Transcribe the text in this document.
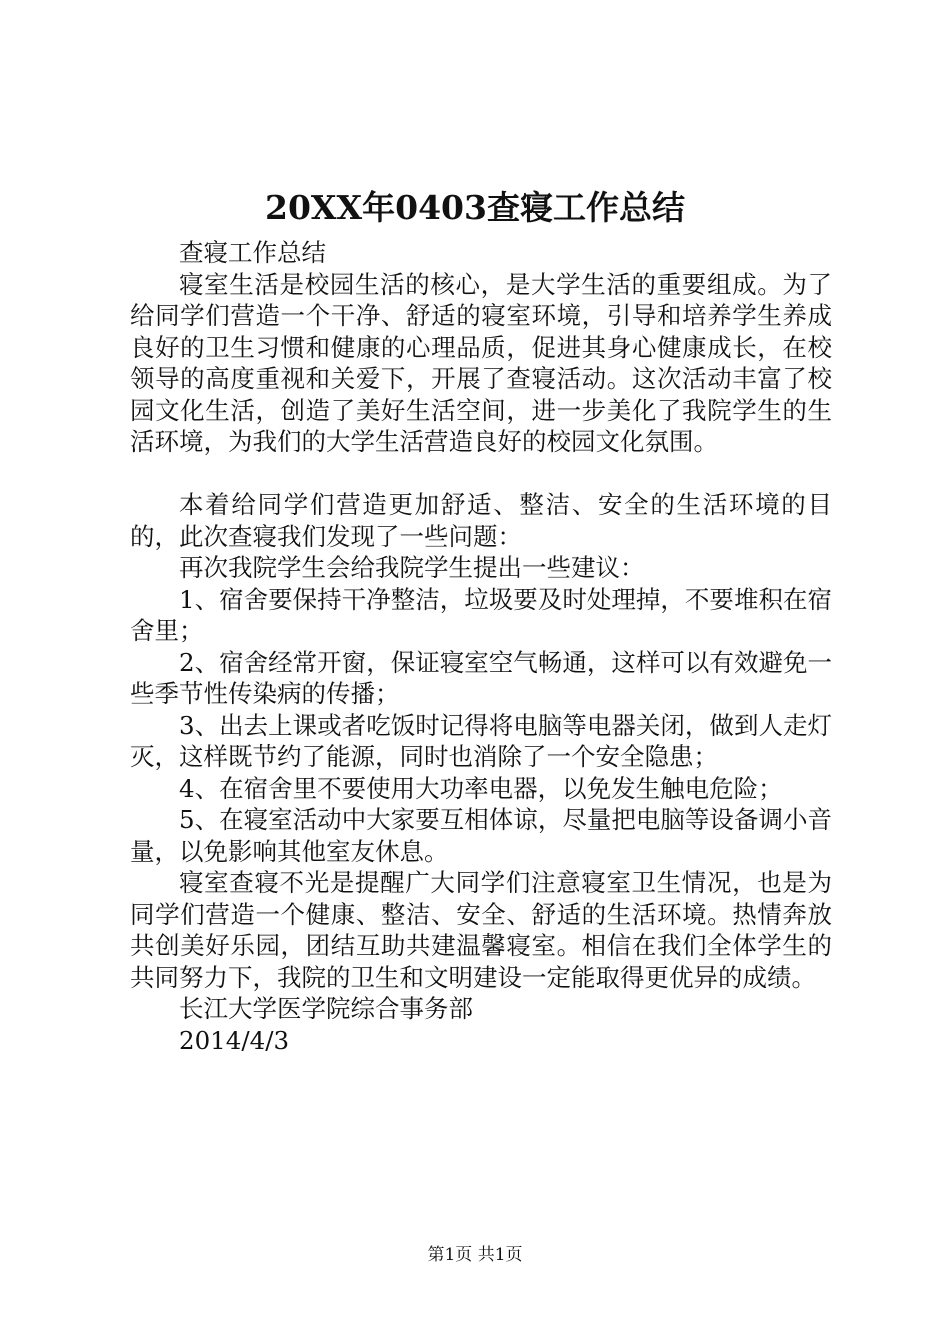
20XX年0403查寝工作总结

查寝工作总结

寝室生活是校园生活的核心，是大学生活的重要组成。为了给同学们营造一个干净、舒适的寝室环境，引导和培养学生养成良好的卫生习惯和健康的心理品质，促进其身心健康成长，在校领导的高度重视和关爱下，开展了查寝活动。这次活动丰富了校园文化生活，创造了美好生活空间，进一步美化了我院学生的生活环境，为我们的大学生活营造良好的校园文化氛围。

本着给同学们营造更加舒适、整洁、安全的生活环境的目的，此次查寝我们发现了一些问题：

再次我院学生会给我院学生提出一些建议：

1、宿舍要保持干净整洁，垃圾要及时处理掉，不要堆积在宿舍里；

2、宿舍经常开窗，保证寝室空气畅通，这样可以有效避免一些季节性传染病的传播；

3、出去上课或者吃饭时记得将电脑等电器关闭，做到人走灯灭，这样既节约了能源，同时也消除了一个安全隐患；

4、在宿舍里不要使用大功率电器，以免发生触电危险；

5、在寝室活动中大家要互相体谅，尽量把电脑等设备调小音量，以免影响其他室友休息。

寝室查寝不光是提醒广大同学们注意寝室卫生情况，也是为同学们营造一个健康、整洁、安全、舒适的生活环境。热情奔放共创美好乐园，团结互助共建温馨寝室。相信在我们全体学生的共同努力下，我院的卫生和文明建设一定能取得更优异的成绩。

长江大学医学院综合事务部

2014/4/3

第1页 共1页
